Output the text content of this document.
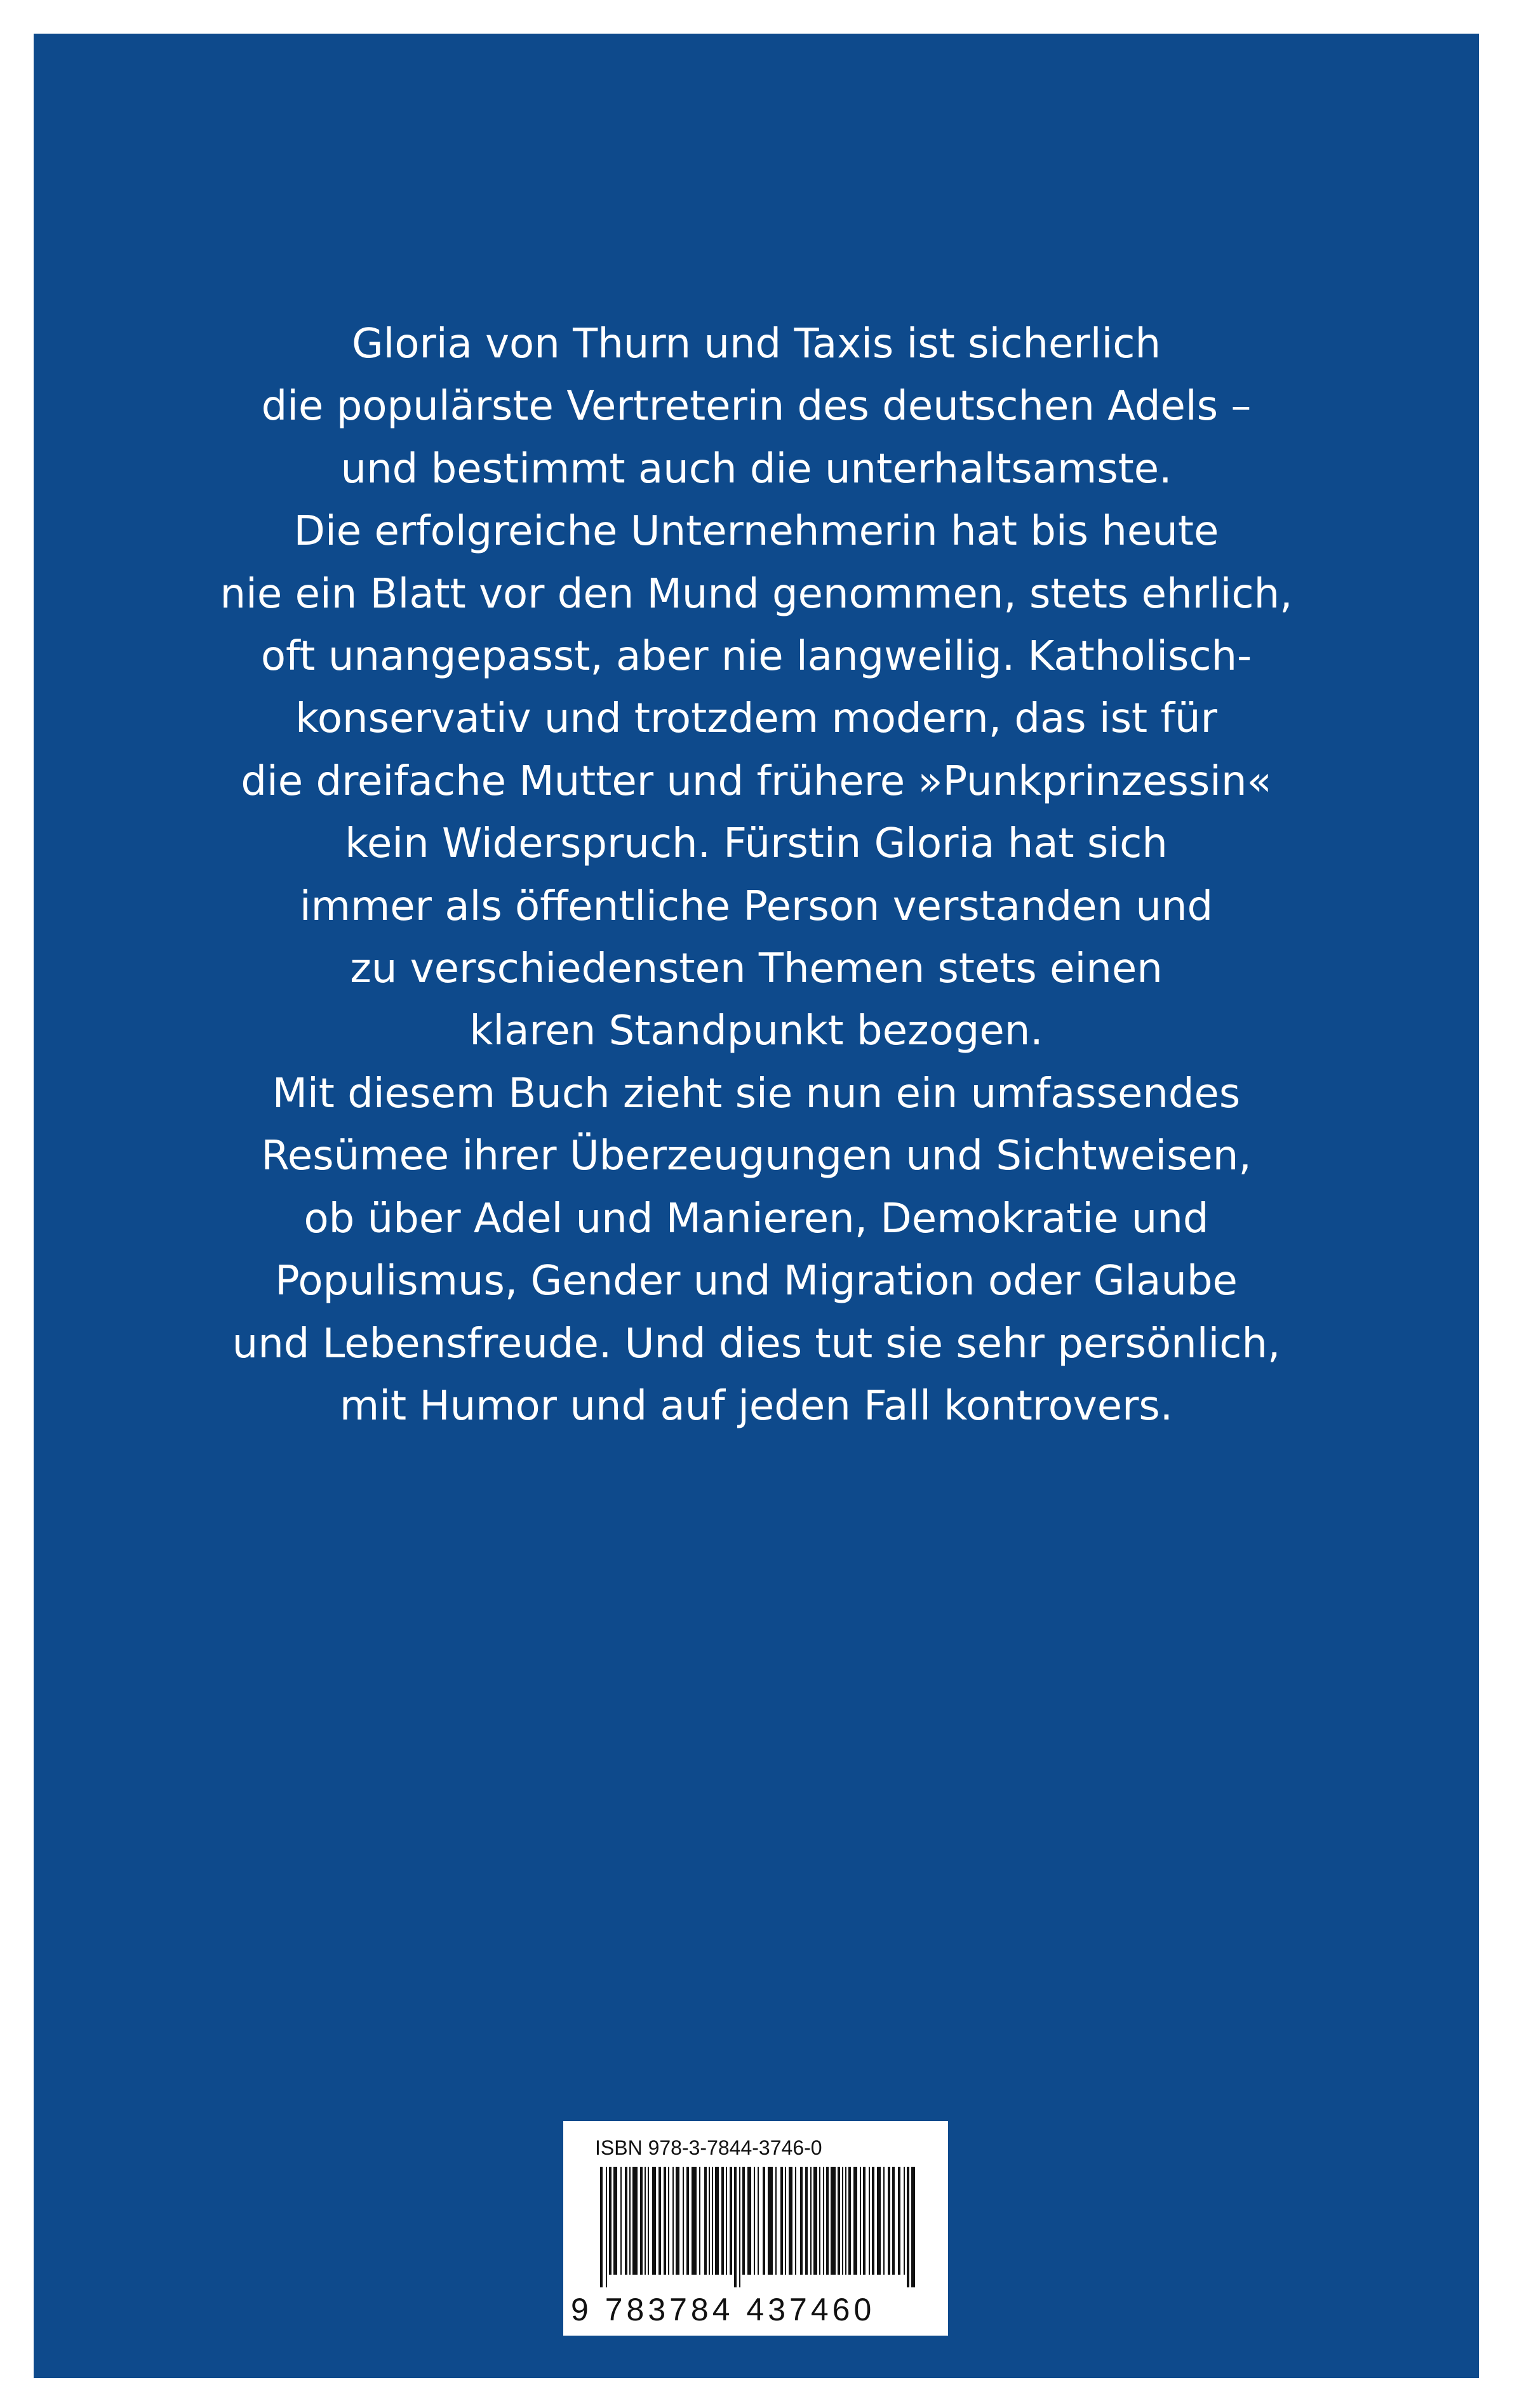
Gloria von Thurn und Taxis ist sicherlich
die populärste Vertreterin des deutschen Adels –
und bestimmt auch die unterhaltsamste.
Die erfolgreiche Unternehmerin hat bis heute
nie ein Blatt vor den Mund genommen, stets ehrlich,
oft unangepasst, aber nie langweilig. Katholisch-
konservativ und trotzdem modern, das ist für
die dreifache Mutter und frühere »Punkprinzessin«
kein Widerspruch. Fürstin Gloria hat sich
immer als öffentliche Person verstanden und
zu verschiedensten Themen stets einen
klaren Standpunkt bezogen.
Mit diesem Buch zieht sie nun ein umfassendes
Resümee ihrer Überzeugungen und Sichtweisen,
ob über Adel und Manieren, Demokratie und
Populismus, Gender und Migration oder Glaube
und Lebensfreude. Und dies tut sie sehr persönlich,
mit Humor und auf jeden Fall kontrovers.
ISBN 978-3-7844-3746-0
9 783784 437460
